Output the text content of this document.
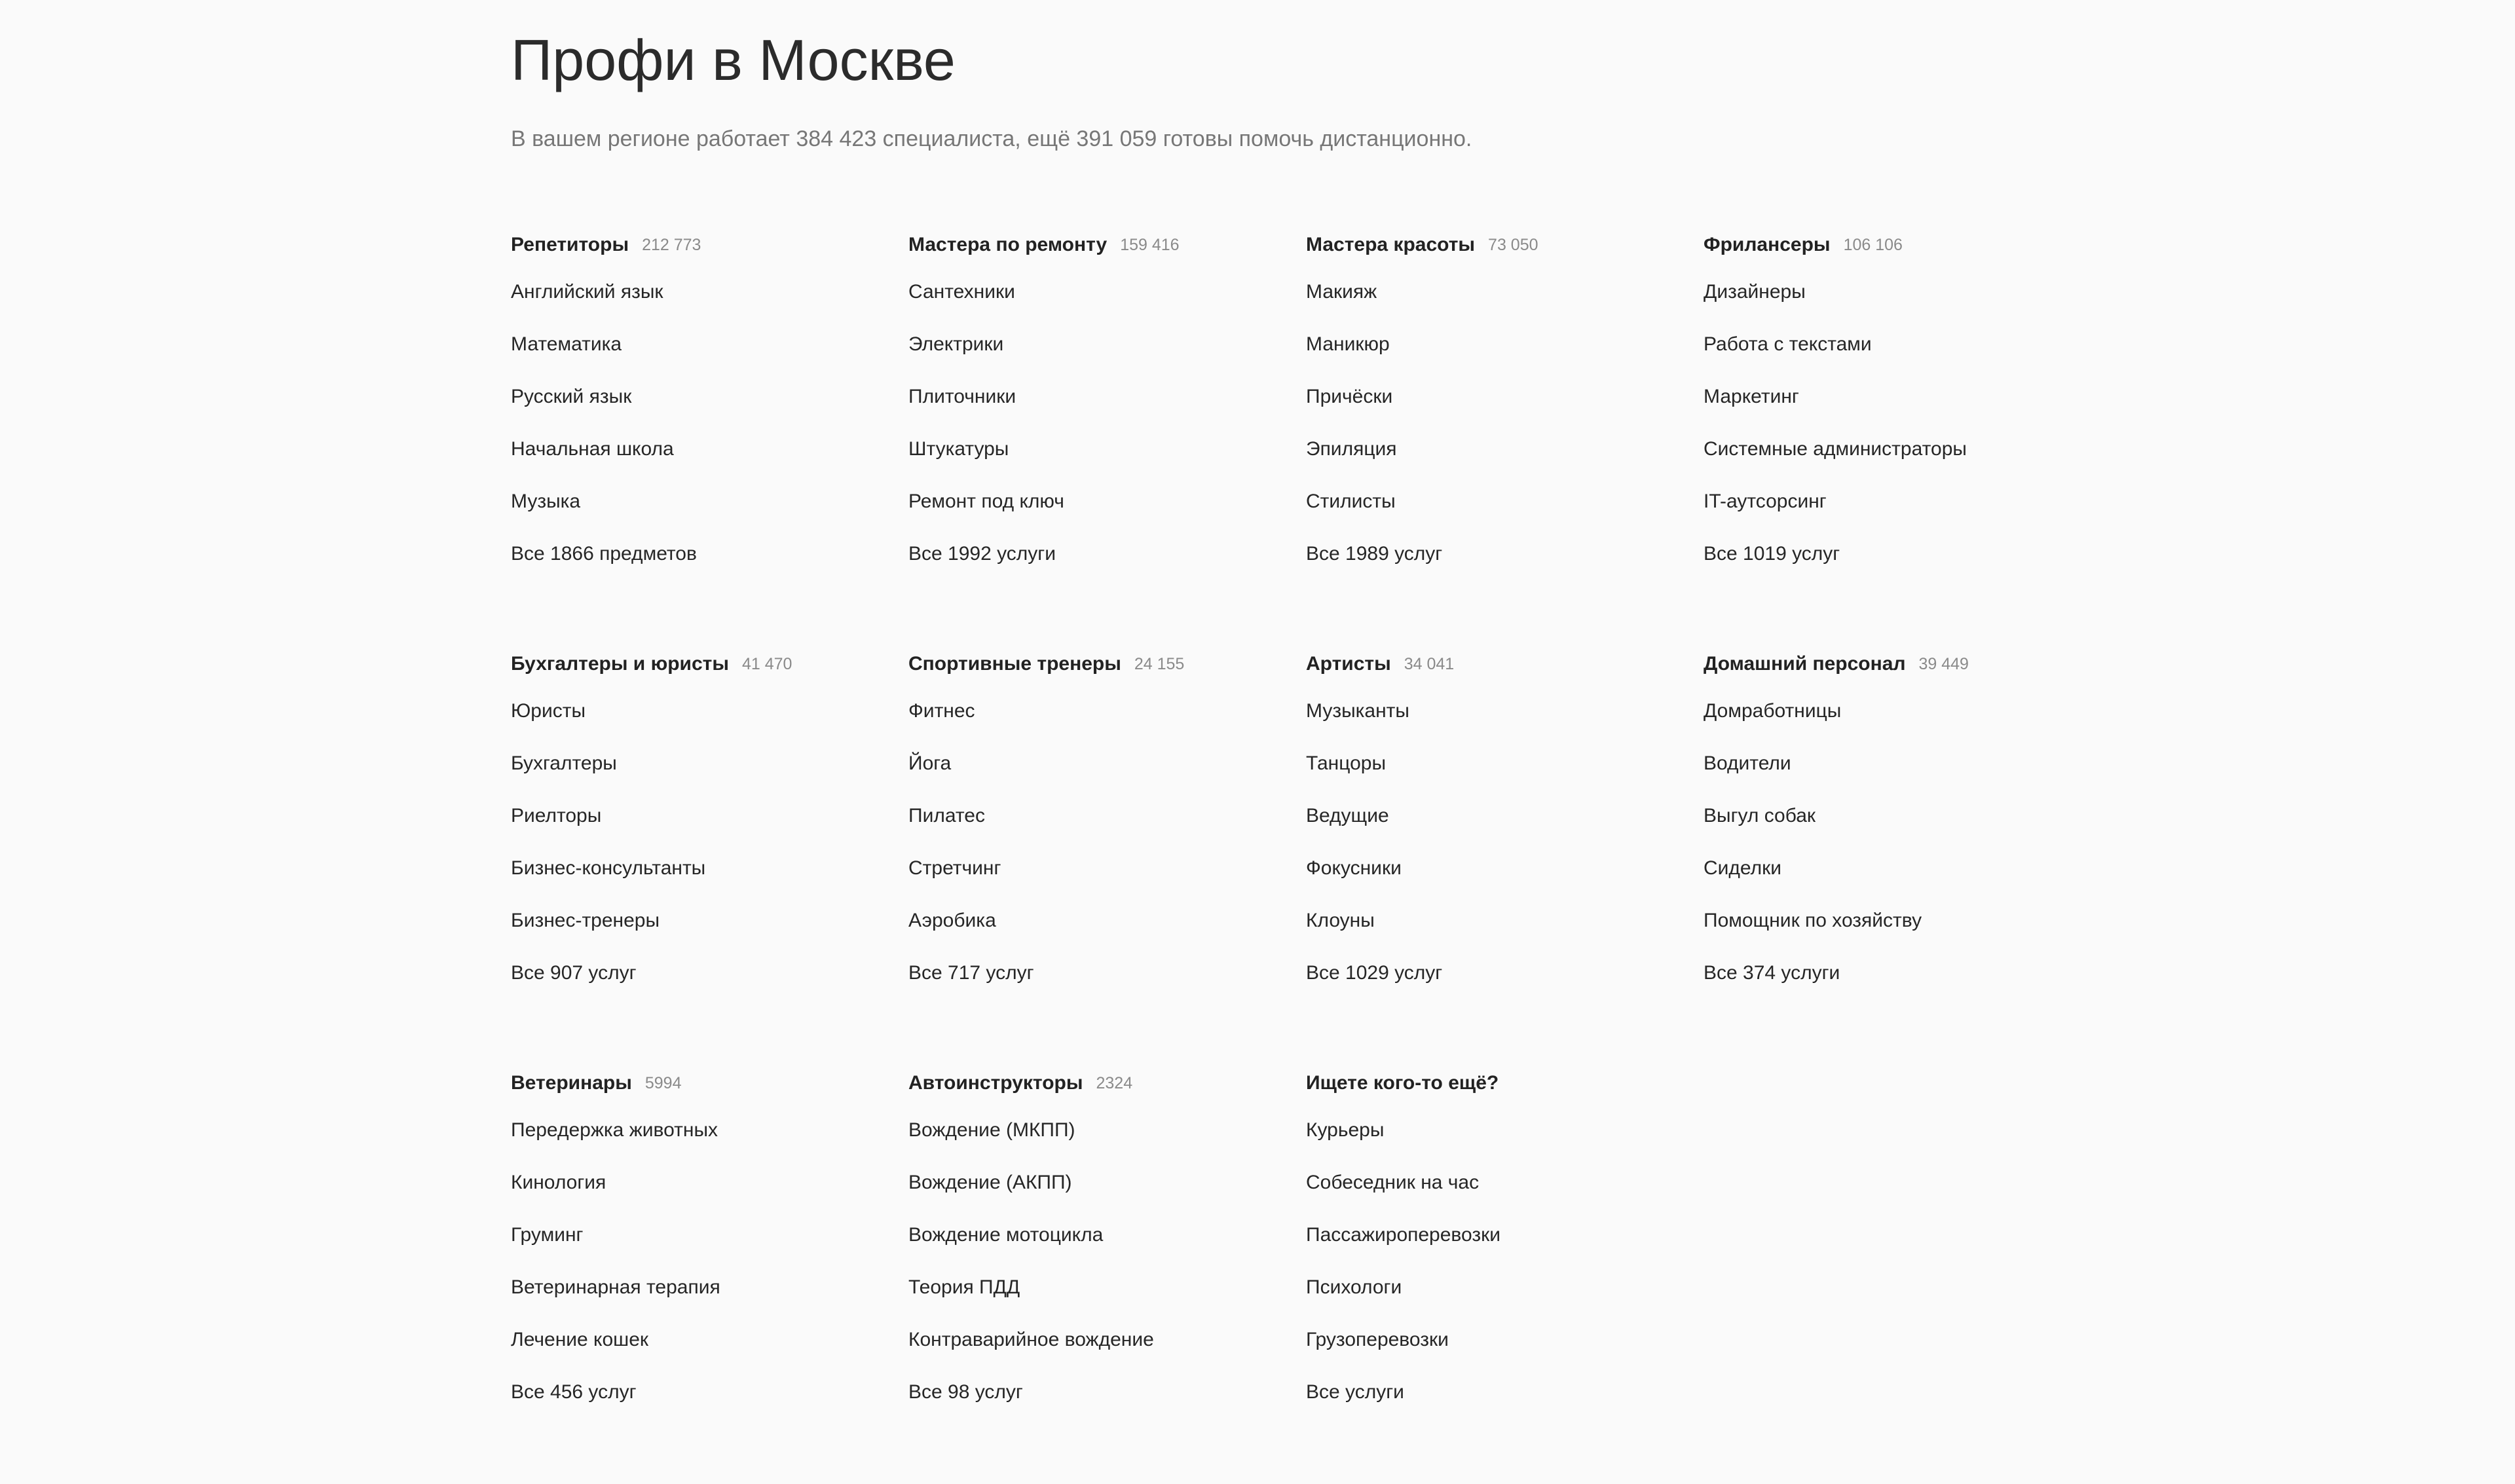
Профи в Москве

В вашем регионе работает 384 423 специалиста, ещё 391 059 готовы помочь дистанционно.

Репетиторы 212 773
Английский язык
Математика
Русский язык
Начальная школа
Музыка
Все 1866 предметов
Мастера по ремонту 159 416
Сантехники
Электрики
Плиточники
Штукатуры
Ремонт под ключ
Все 1992 услуги
Мастера красоты 73 050
Макияж
Маникюр
Причёски
Эпиляция
Стилисты
Все 1989 услуг
Фрилансеры 106 106
Дизайнеры
Работа с текстами
Маркетинг
Системные администраторы
IT-аутсорсинг
Все 1019 услуг
Бухгалтеры и юристы 41 470
Юристы
Бухгалтеры
Риелторы
Бизнес-консультанты
Бизнес-тренеры
Все 907 услуг
Спортивные тренеры 24 155
Фитнес
Йога
Пилатес
Стретчинг
Аэробика
Все 717 услуг
Артисты 34 041
Музыканты
Танцоры
Ведущие
Фокусники
Клоуны
Все 1029 услуг
Домашний персонал 39 449
Домработницы
Водители
Выгул собак
Сиделки
Помощник по хозяйству
Все 374 услуги
Ветеринары 5994
Передержка животных
Кинология
Груминг
Ветеринарная терапия
Лечение кошек
Все 456 услуг
Автоинструкторы 2324
Вождение (МКПП)
Вождение (АКПП)
Вождение мотоцикла
Теория ПДД
Контраварийное вождение
Все 98 услуг
Ищете кого-то ещё?
Курьеры
Собеседник на час
Пассажироперевозки
Психологи
Грузоперевозки
Все услуги
